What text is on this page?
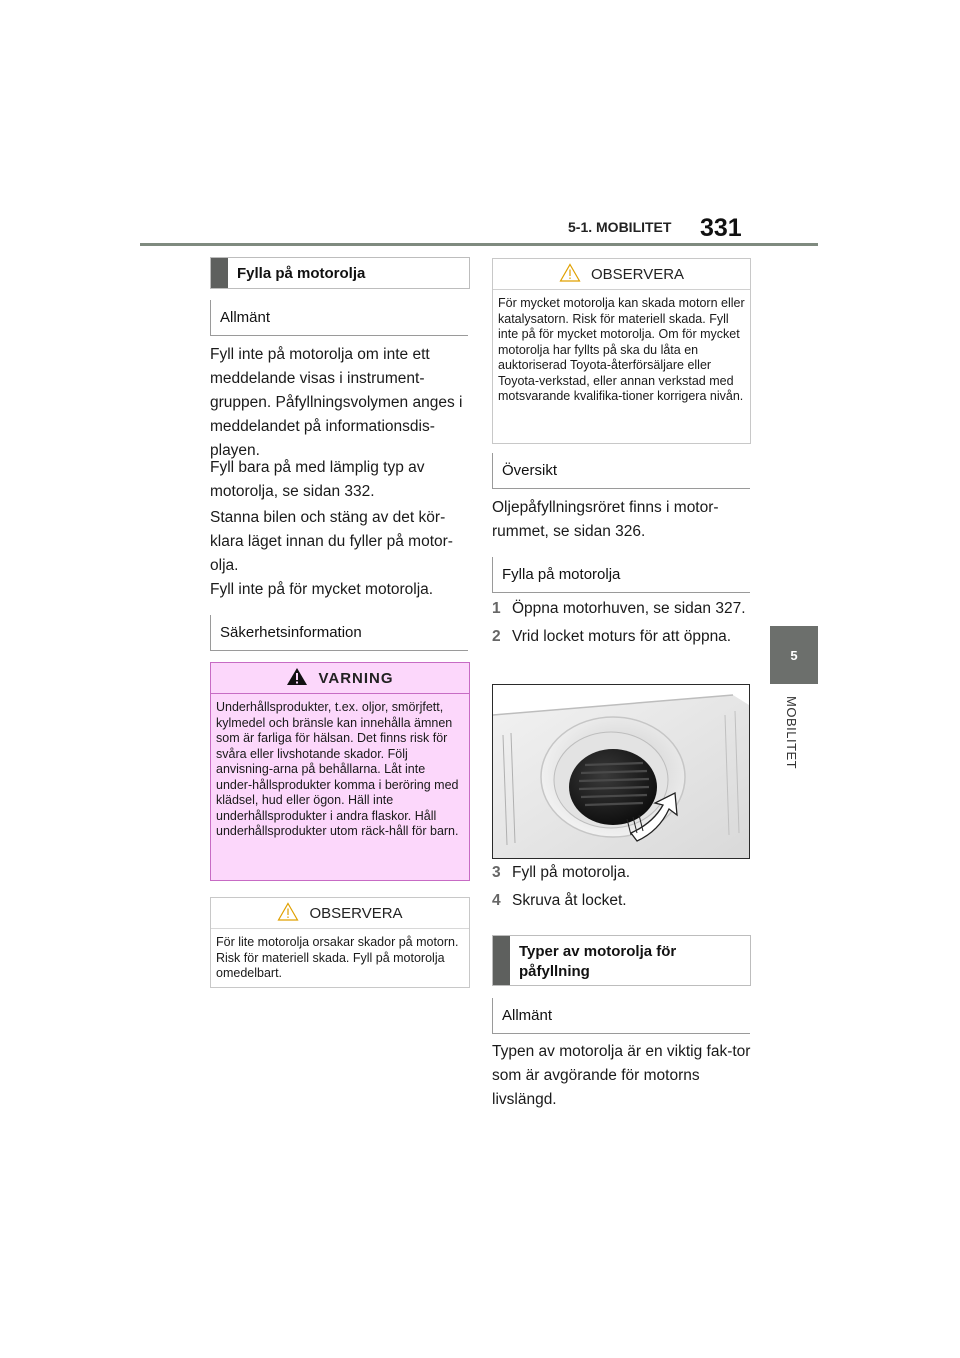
5-1. MOBILITET 331
5
MOBILITET
Fylla på motorolja
Allmänt
Fyll inte på motorolja om inte ett meddelande visas i instrument-gruppen. Påfyllningsvolymen anges i meddelandet på informationsdis-playen.
Fyll bara på med lämplig typ av motorolja, se sidan 332.
Stanna bilen och stäng av det kör-klara läget innan du fyller på motor-olja.
Fyll inte på för mycket motorolja.
Säkerhetsinformation
VARNING
Underhållsprodukter, t.ex. oljor, smörjfett, kylmedel och bränsle kan innehålla ämnen som är farliga för hälsan. Det finns risk för svåra eller livshotande skador. Följ anvisning-arna på behållarna. Låt inte under-hållsprodukter komma i beröring med klädsel, hud eller ögon. Häll inte underhållsprodukter i andra flaskor. Håll underhållsprodukter utom räck-håll för barn.
OBSERVERA
För lite motorolja orsakar skador på motorn. Risk för materiell skada. Fyll på motorolja omedelbart.
OBSERVERA
För mycket motorolja kan skada motorn eller katalysatorn. Risk för materiell skada. Fyll inte på för mycket motorolja. Om för mycket motorolja har fyllts på ska du låta en auktoriserad Toyota-återförsäljare eller Toyota-verkstad, eller annan verkstad med motsvarande kvalifika-tioner korrigera nivån.
Översikt
Oljepåfyllningsröret finns i motor-rummet, se sidan 326.
Fylla på motorolja
1 Öppna motorhuven, se sidan 327.
2 Vrid locket moturs för att öppna.
3 Fyll på motorolja.
4 Skruva åt locket.
Typer av motorolja för påfyllning
Allmänt
Typen av motorolja är en viktig fak-tor som är avgörande för motorns livslängd.
